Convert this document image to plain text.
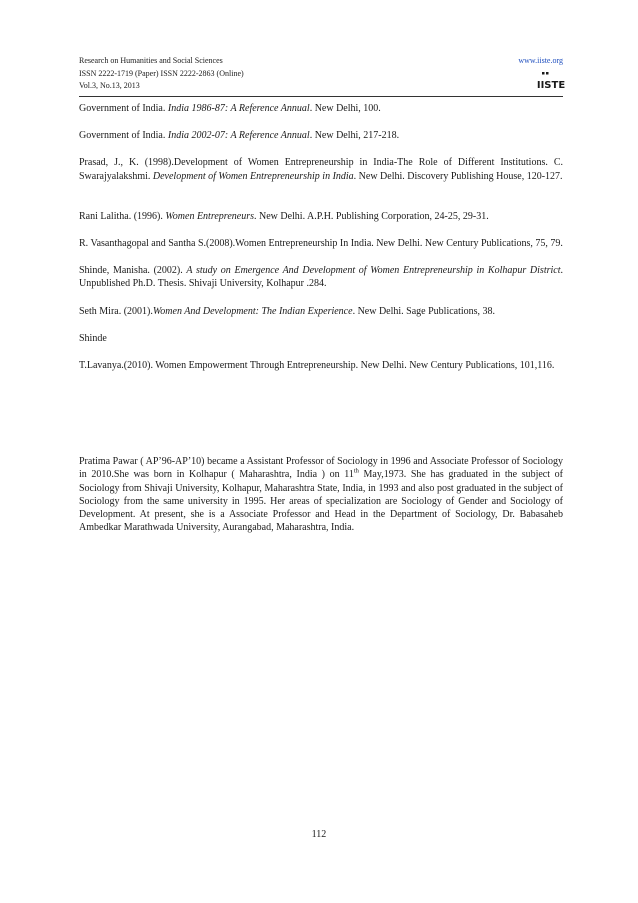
Research on Humanities and Social Sciences
ISSN 2222-1719 (Paper) ISSN 2222-2863 (Online)
Vol.3, No.13, 2013
www.iiste.org
IISTE

Government of India. India 1986-87: A Reference Annual. New Delhi, 100.

Government of India. India 2002-07: A Reference Annual. New Delhi, 217-218.

Prasad, J., K. (1998).Development of Women Entrepreneurship in India-The Role of Different Institutions. C. Swarajyalakshmi. Development of Women Entrepreneurship in India. New Delhi. Discovery Publishing House, 120-127.

Rani Lalitha. (1996). Women Entrepreneurs. New Delhi. A.P.H. Publishing Corporation, 24-25, 29-31.

R. Vasanthagopal and Santha S.(2008).Women Entrepreneurship In India. New Delhi. New Century Publications, 75, 79.

Shinde, Manisha. (2002). A study on Emergence And Development of Women Entrepreneurship in Kolhapur District. Unpublished Ph.D. Thesis. Shivaji University, Kolhapur .284.

Seth Mira. (2001).Women And Development: The Indian Experience. New Delhi. Sage Publications, 38.

Shinde

T.Lavanya.(2010). Women Empowerment Through Entrepreneurship. New Delhi. New Century Publications, 101,116.

Pratima Pawar ( AP’96-AP’10) became a Assistant Professor of Sociology in 1996 and Associate Professor of Sociology in 2010.She was born in Kolhapur ( Maharashtra, India ) on 11th May,1973. She has graduated in the subject of Sociology from Shivaji University, Kolhapur, Maharashtra State, India, in 1993 and also post graduated in the subject of Sociology from the same university in 1995. Her areas of specialization are Sociology of Gender and Sociology of Development. At present, she is a Associate Professor and Head in the Department of Sociology, Dr. Babasaheb Ambedkar Marathwada University, Aurangabad, Maharashtra, India.

112
